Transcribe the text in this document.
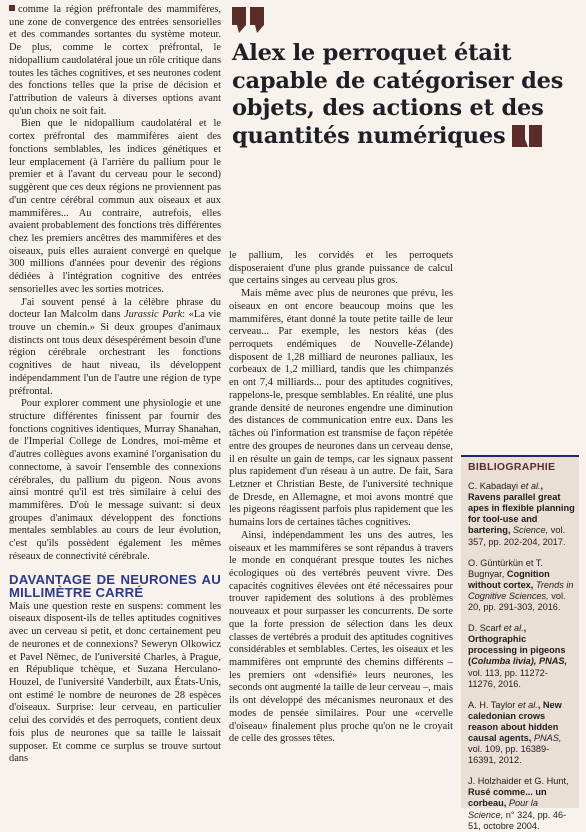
comme la région préfrontale des mammifères, une zone de convergence des entrées sensorielles et des commandes sortantes du système moteur. De plus, comme le cortex préfrontal, le nidopallium caudolatéral joue un rôle critique dans toutes les tâches cognitives, et ses neurones codent des fonctions telles que la prise de décision et l'attribution de valeurs à diverses options avant qu'un choix ne soit fait.

Bien que le nidopallium caudolatéral et le cortex préfrontal des mammifères aient des fonctions semblables, les indices génétiques et leur emplacement (à l'arrière du pallium pour le premier et à l'avant du cerveau pour le second) suggèrent que ces deux régions ne proviennent pas d'un centre cérébral commun aux oiseaux et aux mammifères... Au contraire, autrefois, elles avaient probablement des fonctions très différentes chez les premiers ancêtres des mammifères et des oiseaux, puis elles auraient convergé en quelque 300 millions d'années pour devenir des régions dédiées à l'intégration cognitive des entrées sensorielles avec les sorties motrices.

J'ai souvent pensé à la célèbre phrase du docteur Ian Malcolm dans Jurassic Park: «La vie trouve un chemin.» Si deux groupes d'animaux distincts ont tous deux désespérément besoin d'une région cérébrale orchestrant les fonctions cognitives de haut niveau, ils développent indépendamment l'un de l'autre une région de type préfrontal.

Pour explorer comment une physiologie et une structure différentes finissent par fournir des fonctions cognitives identiques, Murray Shanahan, de l'Imperial College de Londres, moi-même et d'autres collègues avons examiné l'organisation du connectome, à savoir l'ensemble des connexions cérébrales, du pallium du pigeon. Nous avons ainsi montré qu'il est très similaire à celui des mammifères. D'où le message suivant: si deux groupes d'animaux développent des fonctions mentales semblables au cours de leur évolution, c'est qu'ils possèdent également les mêmes réseaux de connectivité cérébrale.

DAVANTAGE DE NEURONES AU MILLIMÈTRE CARRÉ

Mais une question reste en suspens: comment les oiseaux disposent-ils de telles aptitudes cognitives avec un cerveau si petit, et donc certainement peu de neurones et de connexions? Seweryn Olkowicz et Pavel Němec, de l'université Charles, à Prague, en République tchèque, et Suzana Herculano-Houzel, de l'université Vanderbilt, aux États-Unis, ont estimé le nombre de neurones de 28 espèces d'oiseaux. Surprise: leur cerveau, en particulier celui des corvidés et des perroquets, contient deux fois plus de neurones que sa taille le laissait supposer. Et comme ce surplus se trouve surtout dans

Alex le perroquet était capable de catégoriser des objets, des actions et des quantités numériques

le pallium, les corvidés et les perroquets disposeraient d'une plus grande puissance de calcul que certains singes au cerveau plus gros.

Mais même avec plus de neurones que prévu, les oiseaux en ont encore beaucoup moins que les mammifères, étant donné la toute petite taille de leur cerveau... Par exemple, les nestors kéas (des perroquets endémiques de Nouvelle-Zélande) disposent de 1,28 milliard de neurones palliaux, les corbeaux de 1,2 milliard, tandis que les chimpanzés en ont 7,4 milliards... pour des aptitudes cognitives, rappelons-le, presque semblables. En réalité, une plus grande densité de neurones engendre une diminution des distances de communication entre eux. Dans les tâches où l'information est transmise de façon répétée entre des groupes de neurones dans un cerveau dense, il en résulte un gain de temps, car les signaux passent plus rapidement d'un réseau à un autre. De fait, Sara Letzner et Christian Beste, de l'université technique de Dresde, en Allemagne, et moi avons montré que les pigeons réagissent parfois plus rapidement que les humains lors de certaines tâches cognitives.

Ainsi, indépendamment les uns des autres, les oiseaux et les mammifères se sont répandus à travers le monde en conquérant presque toutes les niches écologiques où des vertébrés peuvent vivre. Des capacités cognitives élevées ont été nécessaires pour trouver rapidement des solutions à des problèmes nouveaux et pour surpasser les concurrents. De sorte que la forte pression de sélection dans les deux classes de vertébrés a produit des aptitudes cognitives considérables et semblables. Certes, les oiseaux et les mammifères ont emprunté des chemins différents – les premiers ont «densifié» leurs neurones, les seconds ont augmenté la taille de leur cerveau –, mais ils ont développé des mécanismes neuronaux et des modes de pensée similaires. Pour une «cervelle d'oiseau» finalement plus proche qu'on ne le croyait de celle des grosses têtes.

BIBLIOGRAPHIE
C. Kabadayi et al., Ravens parallel great apes in flexible planning for tool-use and bartering, Science, vol. 357, pp. 202-204, 2017.
O. Güntürkün et T. Bugnyar, Cognition without cortex, Trends in Cognitive Sciences, vol. 20, pp. 291-303, 2016.
D. Scarf et al., Orthographic processing in pigeons (Columba livia), PNAS, vol. 113, pp. 11272-11276, 2016.
A. H. Taylor et al., New caledonian crows reason about hidden causal agents, PNAS, vol. 109, pp. 16389-16391, 2012.
J. Holzhaider et G. Hunt, Rusé comme... un corbeau, Pour la Science, n° 324, pp. 46-51, octobre 2004.
